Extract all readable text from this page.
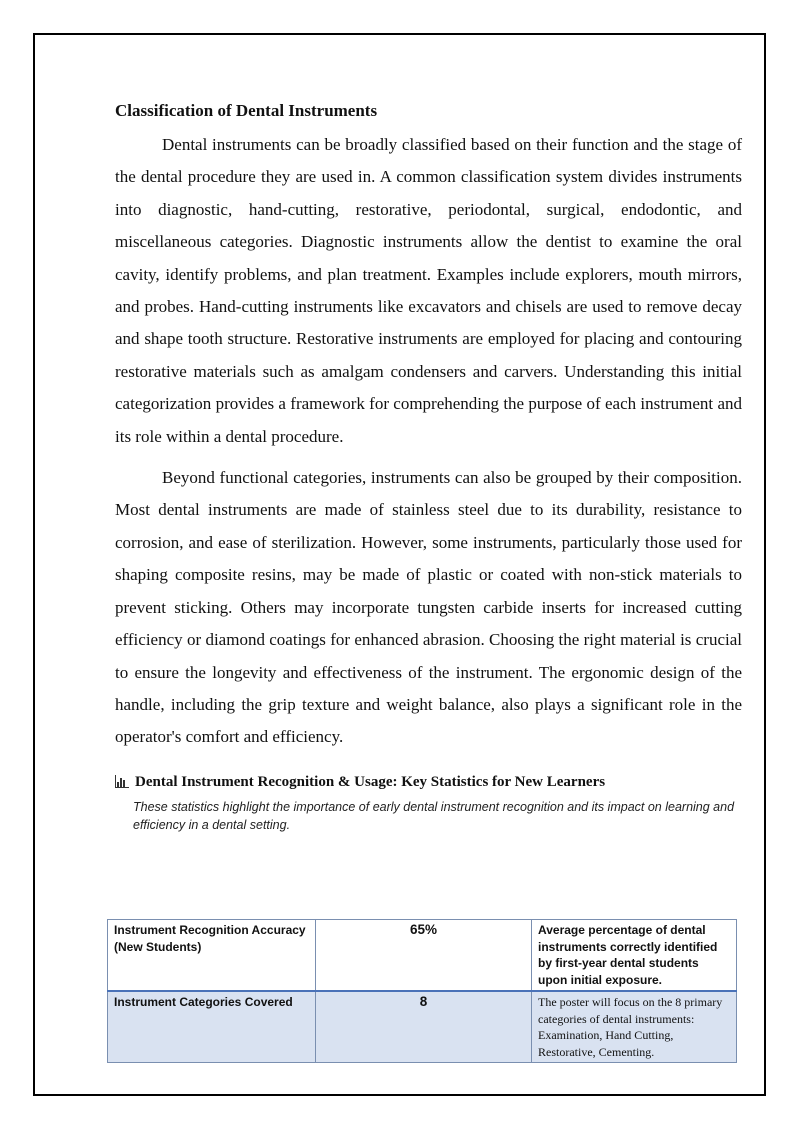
Classification of Dental Instruments

Dental instruments can be broadly classified based on their function and the stage of the dental procedure they are used in. A common classification system divides instruments into diagnostic, hand-cutting, restorative, periodontal, surgical, endodontic, and miscellaneous categories. Diagnostic instruments allow the dentist to examine the oral cavity, identify problems, and plan treatment. Examples include explorers, mouth mirrors, and probes. Hand-cutting instruments like excavators and chisels are used to remove decay and shape tooth structure. Restorative instruments are employed for placing and contouring restorative materials such as amalgam condensers and carvers. Understanding this initial categorization provides a framework for comprehending the purpose of each instrument and its role within a dental procedure.

Beyond functional categories, instruments can also be grouped by their composition. Most dental instruments are made of stainless steel due to its durability, resistance to corrosion, and ease of sterilization. However, some instruments, particularly those used for shaping composite resins, may be made of plastic or coated with non-stick materials to prevent sticking. Others may incorporate tungsten carbide inserts for increased cutting efficiency or diamond coatings for enhanced abrasion. Choosing the right material is crucial to ensure the longevity and effectiveness of the instrument. The ergonomic design of the handle, including the grip texture and weight balance, also plays a significant role in the operator's comfort and efficiency.

Dental Instrument Recognition & Usage: Key Statistics for New Learners
These statistics highlight the importance of early dental instrument recognition and its impact on learning and efficiency in a dental setting.
Instrument Recognition Accuracy (New Students)	65%	Average percentage of dental instruments correctly identified by first-year dental students upon initial exposure.
Instrument Categories Covered	8	The poster will focus on the 8 primary categories of dental instruments: Examination, Hand Cutting, Restorative, Cementing.
